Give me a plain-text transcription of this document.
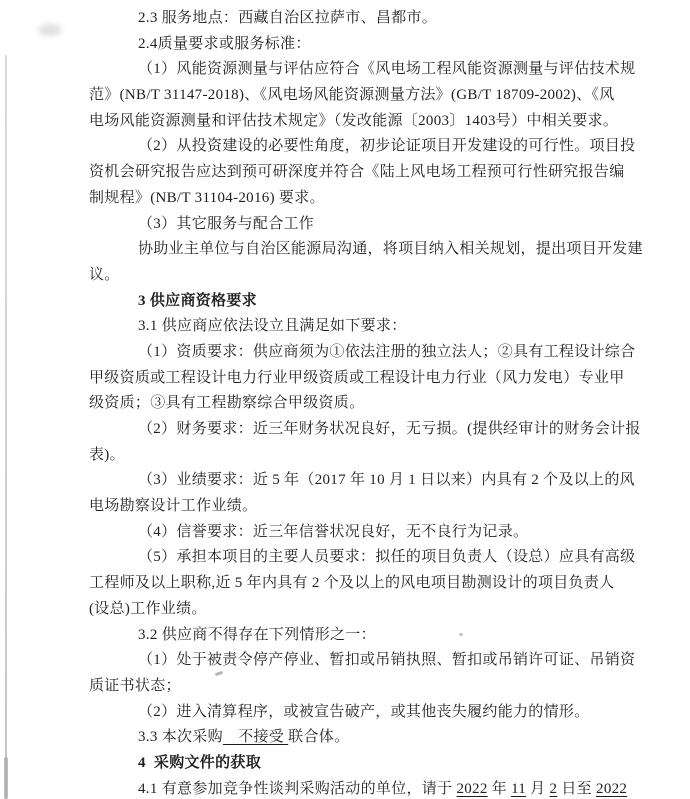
2.3 服务地点：西藏自治区拉萨市、昌都市。
2.4质量要求或服务标准：
（1）风能资源测量与评估应符合《风电场工程风能资源测量与评估技术规
范》(NB/T 31147-2018)、《风电场风能资源测量方法》(GB/T 18709-2002)、《风
电场风能资源测量和评估技术规定》（发改能源〔2003〕1403号）中相关要求。
（2）从投资建设的必要性角度，初步论证项目开发建设的可行性。项目投
资机会研究报告应达到预可研深度并符合《陆上风电场工程预可行性研究报告编
制规程》(NB/T 31104-2016) 要求。
（3）其它服务与配合工作
协助业主单位与自治区能源局沟通，将项目纳入相关规划，提出项目开发建
议。
3 供应商资格要求
3.1 供应商应依法设立且满足如下要求：
（1）资质要求：供应商须为①依法注册的独立法人；②具有工程设计综合
甲级资质或工程设计电力行业甲级资质或工程设计电力行业（风力发电）专业甲
级资质；③具有工程勘察综合甲级资质。
（2）财务要求：近三年财务状况良好，无亏损。(提供经审计的财务会计报
表)。
（3）业绩要求：近 5 年（2017 年 10 月 1 日以来）内具有 2 个及以上的风
电场勘察设计工作业绩。
（4）信誉要求：近三年信誉状况良好，无不良行为记录。
（5）承担本项目的主要人员要求：拟任的项目负责人（设总）应具有高级
工程师及以上职称,近 5 年内具有 2 个及以上的风电项目勘测设计的项目负责人
(设总)工作业绩。
3.2 供应商不得存在下列情形之一：
（1）处于被责令停产停业、暂扣或吊销执照、暂扣或吊销许可证、吊销资
质证书状态；
（2）进入清算程序，或被宣告破产，或其他丧失履约能力的情形。
3.3 本次采购　不接受 联合体。
4  采购文件的获取
4.1 有意参加竞争性谈判采购活动的单位，请于 2022 年 11 月 2 日至 2022
